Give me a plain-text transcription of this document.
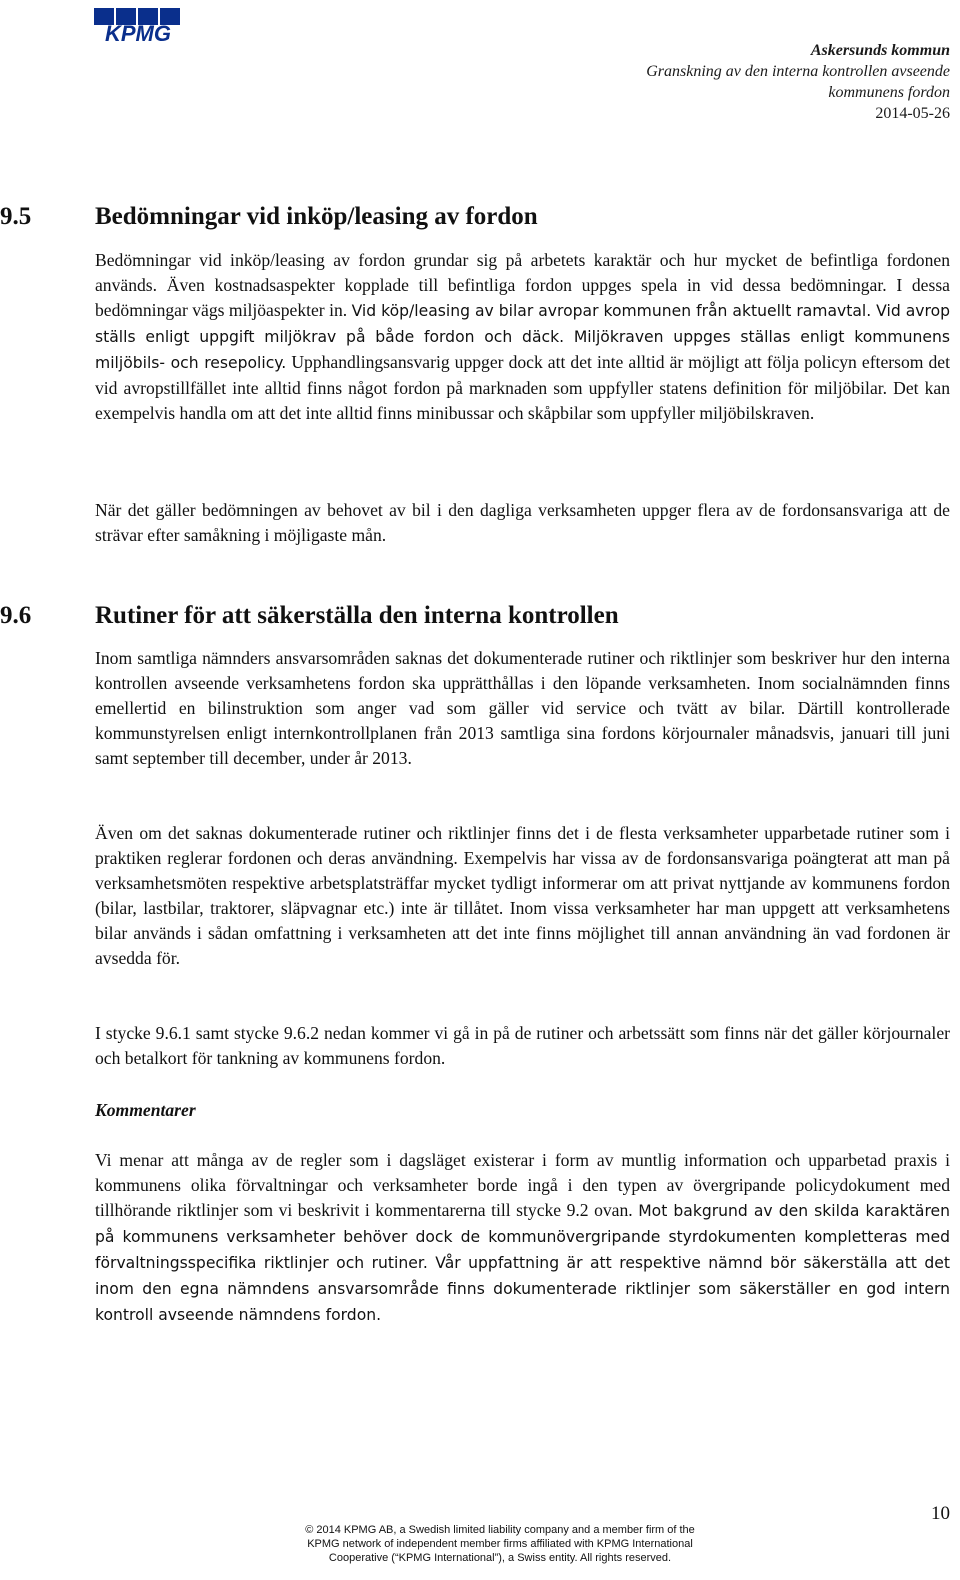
KPMG
Askersunds kommun
Granskning av den interna kontrollen avseende
kommunens fordon
2014-05-26
9.5	Bedömningar vid inköp/leasing av fordon

Bedömningar vid inköp/leasing av fordon grundar sig på arbetets karaktär och hur mycket de befintliga fordonen används. Även kostnadsaspekter kopplade till befintliga fordon uppges spela in vid dessa bedömningar. I dessa bedömningar vägs miljöaspekter in. Vid köp/leasing av bilar avropar kommunen från aktuellt ramavtal. Vid avrop ställs enligt uppgift miljökrav på både fordon och däck. Miljökraven uppges ställas enligt kommunens miljöbils- och resepolicy. Upphandlingsansvarig uppger dock att det inte alltid är möjligt att följa policyn eftersom det vid avropstillfället inte alltid finns något fordon på marknaden som uppfyller statens definition för miljöbilar. Det kan exempelvis handla om att det inte alltid finns minibussar och skåpbilar som uppfyller miljöbilskraven.

När det gäller bedömningen av behovet av bil i den dagliga verksamheten uppger flera av de fordonsansvariga att de strävar efter samåkning i möjligaste mån.

9.6	Rutiner för att säkerställa den interna kontrollen

Inom samtliga nämnders ansvarsområden saknas det dokumenterade rutiner och riktlinjer som beskriver hur den interna kontrollen avseende verksamhetens fordon ska upprätthållas i den löpande verksamheten. Inom socialnämnden finns emellertid en bilinstruktion som anger vad som gäller vid service och tvätt av bilar. Därtill kontrollerade kommunstyrelsen enligt internkontrollplanen från 2013 samtliga sina fordons körjournaler månadsvis, januari till juni samt september till december, under år 2013.

Även om det saknas dokumenterade rutiner och riktlinjer finns det i de flesta verksamheter upparbetade rutiner som i praktiken reglerar fordonen och deras användning. Exempelvis har vissa av de fordonsansvariga poängterat att man på verksamhetsmöten respektive arbetsplatsträffar mycket tydligt informerar om att privat nyttjande av kommunens fordon (bilar, lastbilar, traktorer, släpvagnar etc.) inte är tillåtet. Inom vissa verksamheter har man uppgett att verksamhetens bilar används i sådan omfattning i verksamheten att det inte finns möjlighet till annan användning än vad fordonen är avsedda för.

I stycke 9.6.1 samt stycke 9.6.2 nedan kommer vi gå in på de rutiner och arbetssätt som finns när det gäller körjournaler och betalkort för tankning av kommunens fordon.

Kommentarer

Vi menar att många av de regler som i dagsläget existerar i form av muntlig information och upparbetad praxis i kommunens olika förvaltningar och verksamheter borde ingå i den typen av övergripande policydokument med tillhörande riktlinjer som vi beskrivit i kommentarerna till stycke 9.2 ovan. Mot bakgrund av den skilda karaktären på kommunens verksamheter behöver dock de kommunövergripande styrdokumenten kompletteras med förvaltningsspecifika riktlinjer och rutiner. Vår uppfattning är att respektive nämnd bör säkerställa att det inom den egna nämndens ansvarsområde finns dokumenterade riktlinjer som säkerställer en god intern kontroll avseende nämndens fordon.

10
© 2014 KPMG AB, a Swedish limited liability company and a member firm of the
KPMG network of independent member firms affiliated with KPMG International
Cooperative (“KPMG International”), a Swiss entity. All rights reserved.
